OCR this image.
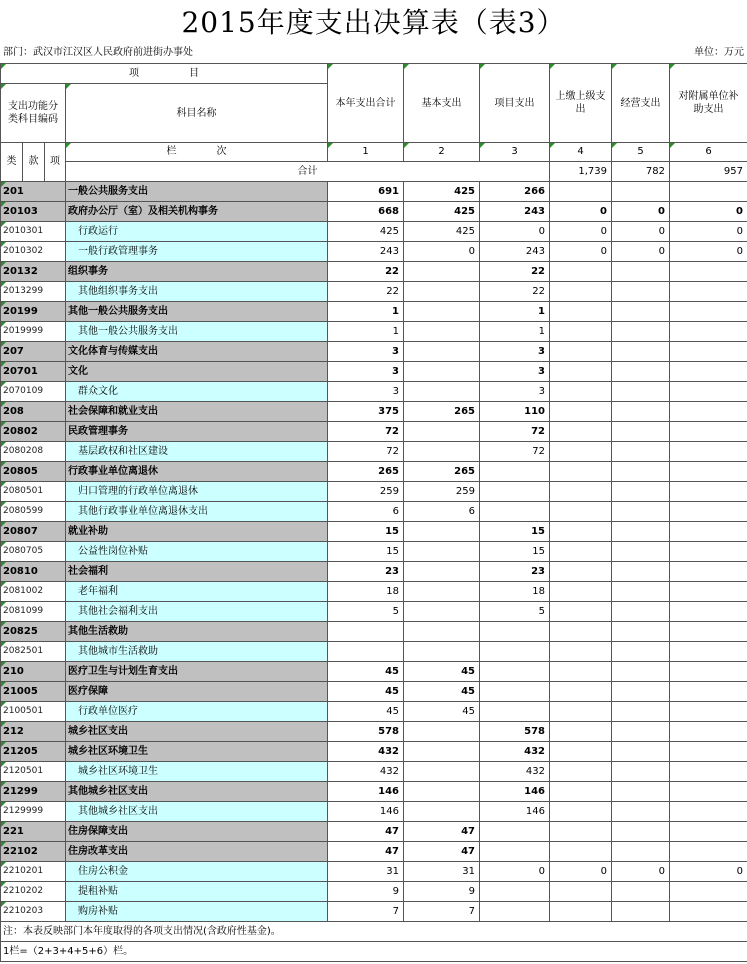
2015年度支出决算表（表3）
部门：武汉市江汉区人民政府前进街办事处	单位：万元
项　　　　　目				本年支出合计	基本支出	项目支出	上缴上级支出	经营支出	对附属单位补助支出	
支出功能分类科目编码			科目名称							
类	款	项	栏　　　　次	1	2	3	4	5	6	
			合计				1,739	782	957			
201			一般公共服务支出	691	425	266				
20103			政府办公厅（室）及相关机构事务	668	425	243	0	0	0	
2010301			行政运行	425	425	0	0	0	0	
2010302			一般行政管理事务	243	0	243	0	0	0	
20132			组织事务	22		22				
2013299			其他组织事务支出	22		22				
20199			其他一般公共服务支出	1		1				
2019999			其他一般公共服务支出	1		1				
207			文化体育与传媒支出	3		3				
20701			文化	3		3				
2070109			群众文化	3		3				
208			社会保障和就业支出	375	265	110				
20802			民政管理事务	72		72				
2080208			基层政权和社区建设	72		72				
20805			行政事业单位离退休	265	265					
2080501			归口管理的行政单位离退休	259	259					
2080599			其他行政事业单位离退休支出	6	6					
20807			就业补助	15		15				
2080705			公益性岗位补贴	15		15				
20810			社会福利	23		23				
2081002			老年福利	18		18				
2081099			其他社会福利支出	5		5				
20825			其他生活救助							
2082501			其他城市生活救助							
210			医疗卫生与计划生育支出	45	45					
21005			医疗保障	45	45					
2100501			行政单位医疗	45	45					
212			城乡社区支出	578		578				
21205			城乡社区环境卫生	432		432				
2120501			城乡社区环境卫生	432		432				
21299			其他城乡社区支出	146		146				
2129999			其他城乡社区支出	146		146				
221			住房保障支出	47	47					
22102			住房改革支出	47	47					
2210201			住房公积金	31	31	0	0	0	0	
2210202			提租补贴	9	9					
2210203			购房补贴	7	7					
注：本表反映部门本年度取得的各项支出情况(含政府性基金)。										
1栏=（2+3+4+5+6）栏。										
